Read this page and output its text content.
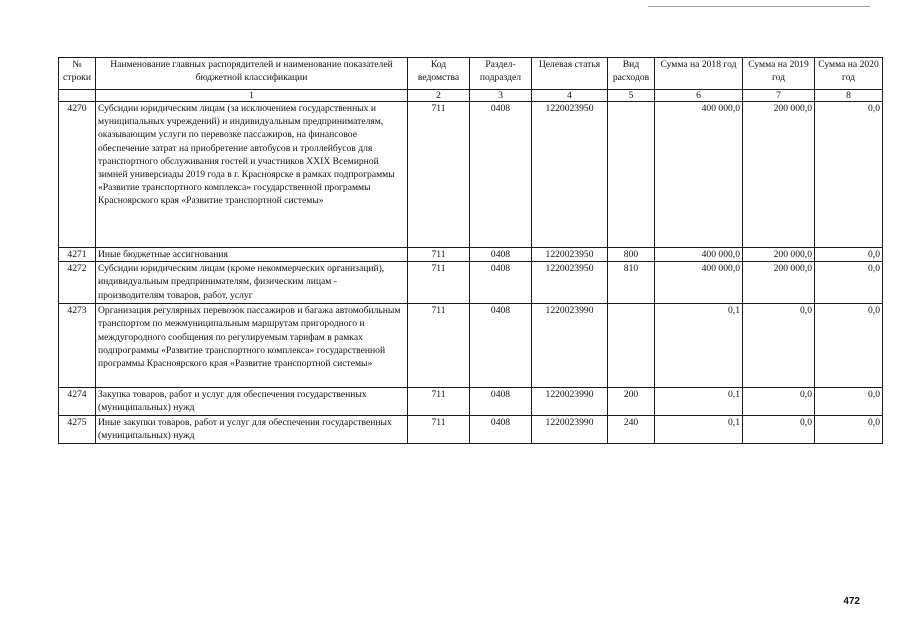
№ строки	Наименование главных распорядителей и наименование показателей бюджетной классификации	Код ведомства	Раздел-подраздел	Целевая статья	Вид расходов	Сумма на 2018 год	Сумма на 2019 год	Сумма на 2020 год
	1	2	3	4	5	6	7	8
4270	Субсидии юридическим лицам (за исключением государственных и муниципальных учреждений) и индивидуальным предпринимателям, оказывающим услуги по перевозке пассажиров, на финансовое обеспечение затрат на приобретение автобусов и троллейбусов для транспортного обслуживания гостей и участников XXIX Всемирной зимней универсиады 2019 года в г. Красноярске в рамках подпрограммы «Развитие транспортного комплекса» государственной программы Красноярского края «Развитие транспортной системы»	711	0408	1220023950		400 000,0	200 000,0	0,0
4271	Иные бюджетные ассигнования	711	0408	1220023950	800	400 000,0	200 000,0	0,0
4272	Субсидии юридическим лицам (кроме некоммерческих организаций), индивидуальным предпринимателям, физическим лицам - производителям товаров, работ, услуг	711	0408	1220023950	810	400 000,0	200 000,0	0,0
4273	Организация регулярных перевозок пассажиров и багажа автомобильным транспортом по межмуниципальным маршрутам пригородного и междугородного сообщения по регулируемым тарифам в рамках подпрограммы «Развитие транспортного комплекса» государственной программы Красноярского края «Развитие транспортной системы»	711	0408	1220023990		0,1	0,0	0,0
4274	Закупка товаров, работ и услуг для обеспечения государственных (муниципальных) нужд	711	0408	1220023990	200	0,1	0,0	0,0
4275	Иные закупки товаров, работ и услуг для обеспечения государственных (муниципальных) нужд	711	0408	1220023990	240	0,1	0,0	0,0
472
